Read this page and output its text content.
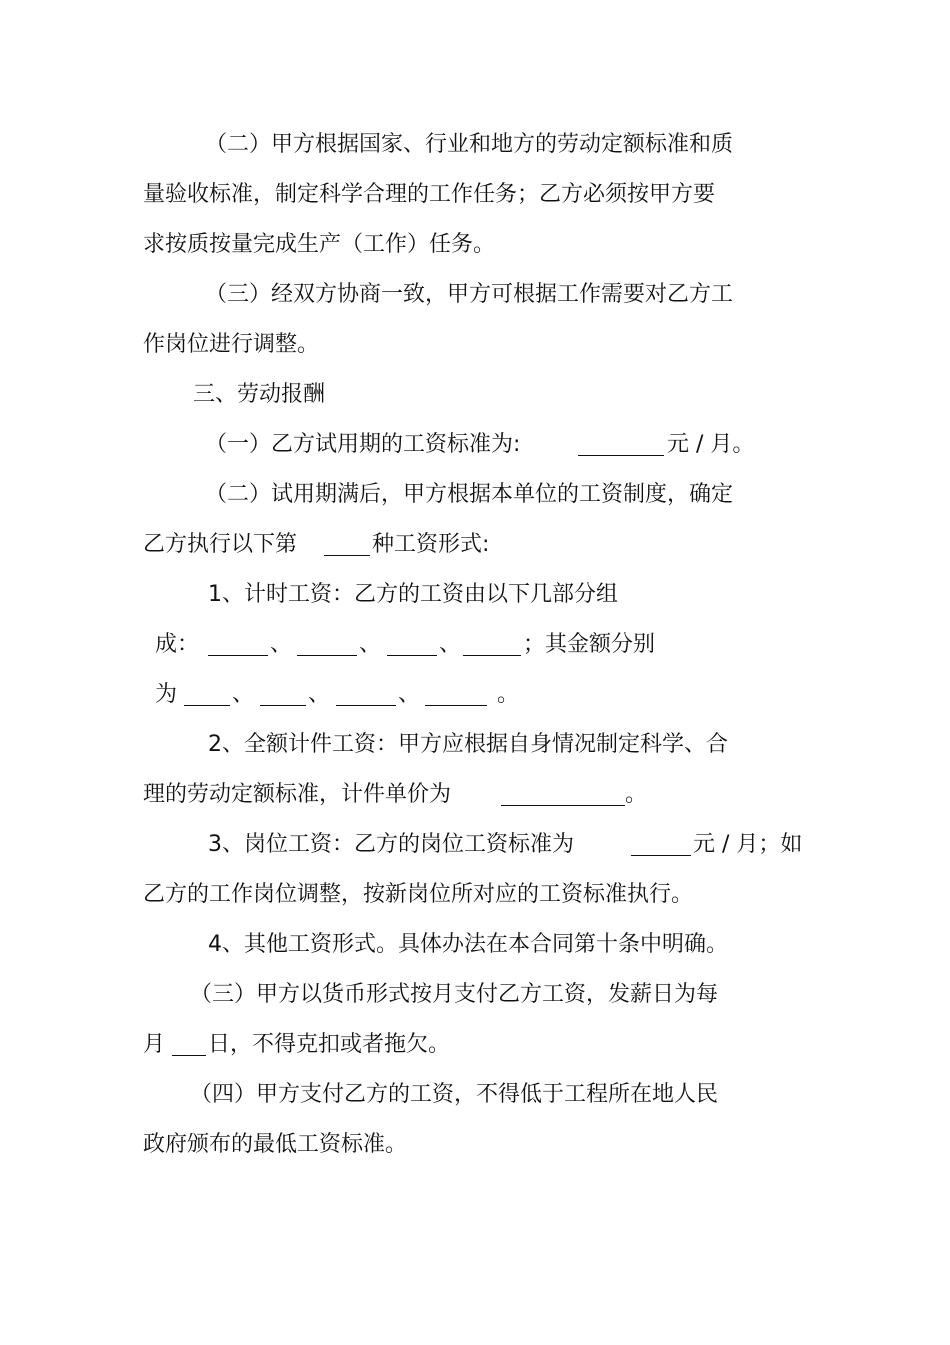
（二）甲方根据国家、行业和地方的劳动定额标准和质
量验收标准，制定科学合理的工作任务；乙方必须按甲方要
求按质按量完成生产（工作）任务。
（三）经双方协商一致，甲方可根据工作需要对乙方工
作岗位进行调整。
三、劳动报酬
（一）乙方试用期的工资标准为:	元 / 月。
（二）试用期满后，甲方根据本单位的工资制度，确定
乙方执行以下第	种工资形式:
1、计时工资：乙方的工资由以下几部分组
成：	、	、	、	；其金额分别
为 、 、	、	。
2、全额计件工资：甲方应根据自身情况制定科学、合
理的劳动定额标准，计件单价为	。
3、岗位工资：乙方的岗位工资标准为	元 / 月；如
乙方的工作岗位调整，按新岗位所对应的工资标准执行。
4、其他工资形式。具体办法在本合同第十条中明确。
（三）甲方以货币形式按月支付乙方工资，发薪日为每
月 日，不得克扣或者拖欠。
（四）甲方支付乙方的工资，不得低于工程所在地人民
政府颁布的最低工资标准。
